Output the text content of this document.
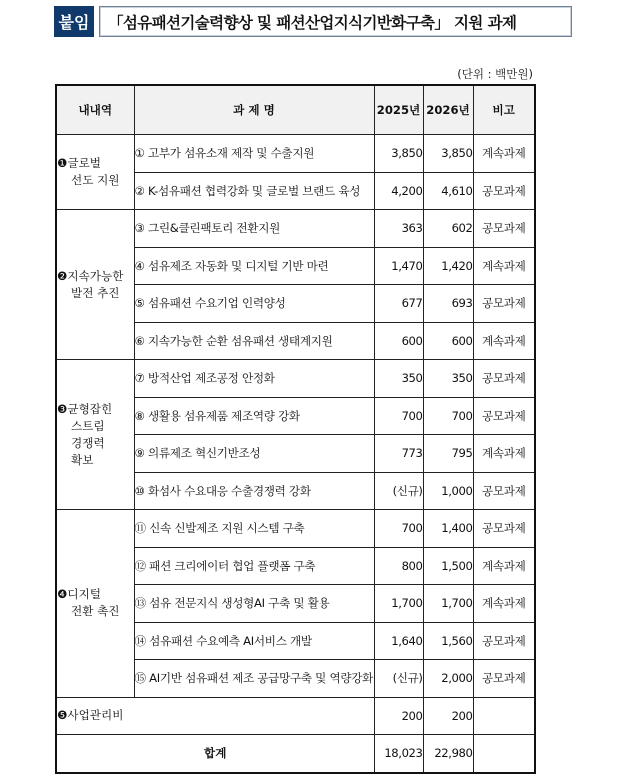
붙임 「섬유패션기술력향상 및 패션산업지식기반화구축」 지원 과제
(단위 : 백만원)
내내역	과 제 명	2025년	2026년	비고
❶글로벌
선도 지원	① 고부가 섬유소재 제작 및 수출지원	3,850	3,850	계속과제
	② K-섬유패션 협력강화 및 글로벌 브랜드 육성	4,200	4,610	공모과제
❷지속가능한
발전 추진	③ 그린&클린팩토리 전환지원	363	602	공모과제
	④ 섬유제조 자동화 및 디지털 기반 마련	1,470	1,420	계속과제
	⑤ 섬유패션 수요기업 인력양성	677	693	공모과제
	⑥ 지속가능한 순환 섬유패션 생태계지원	600	600	계속과제
❸균형잡힌
스트림
경쟁력
확보	⑦ 방적산업 제조공정 안정화	350	350	공모과제
	⑧ 생활용 섬유제품 제조역량 강화	700	700	공모과제
	⑨ 의류제조 혁신기반조성	773	795	계속과제
	⑩ 화섬사 수요대응 수출경쟁력 강화	(신규)	1,000	공모과제
❹디지털
전환 촉진	⑪ 신속 신발제조 지원 시스템 구축	700	1,400	공모과제
	⑫ 패션 크리에이터 협업 플랫폼 구축	800	1,500	계속과제
	⑬ 섬유 전문지식 생성형AI 구축 및 활용	1,700	1,700	계속과제
	⑭ 섬유패션 수요예측 AI서비스 개발	1,640	1,560	공모과제
	⑮ AI기반 섬유패션 제조 공급망구축 및 역량강화	(신규)	2,000	공모과제
❺사업관리비		200	200	
합계		18,023	22,980	
